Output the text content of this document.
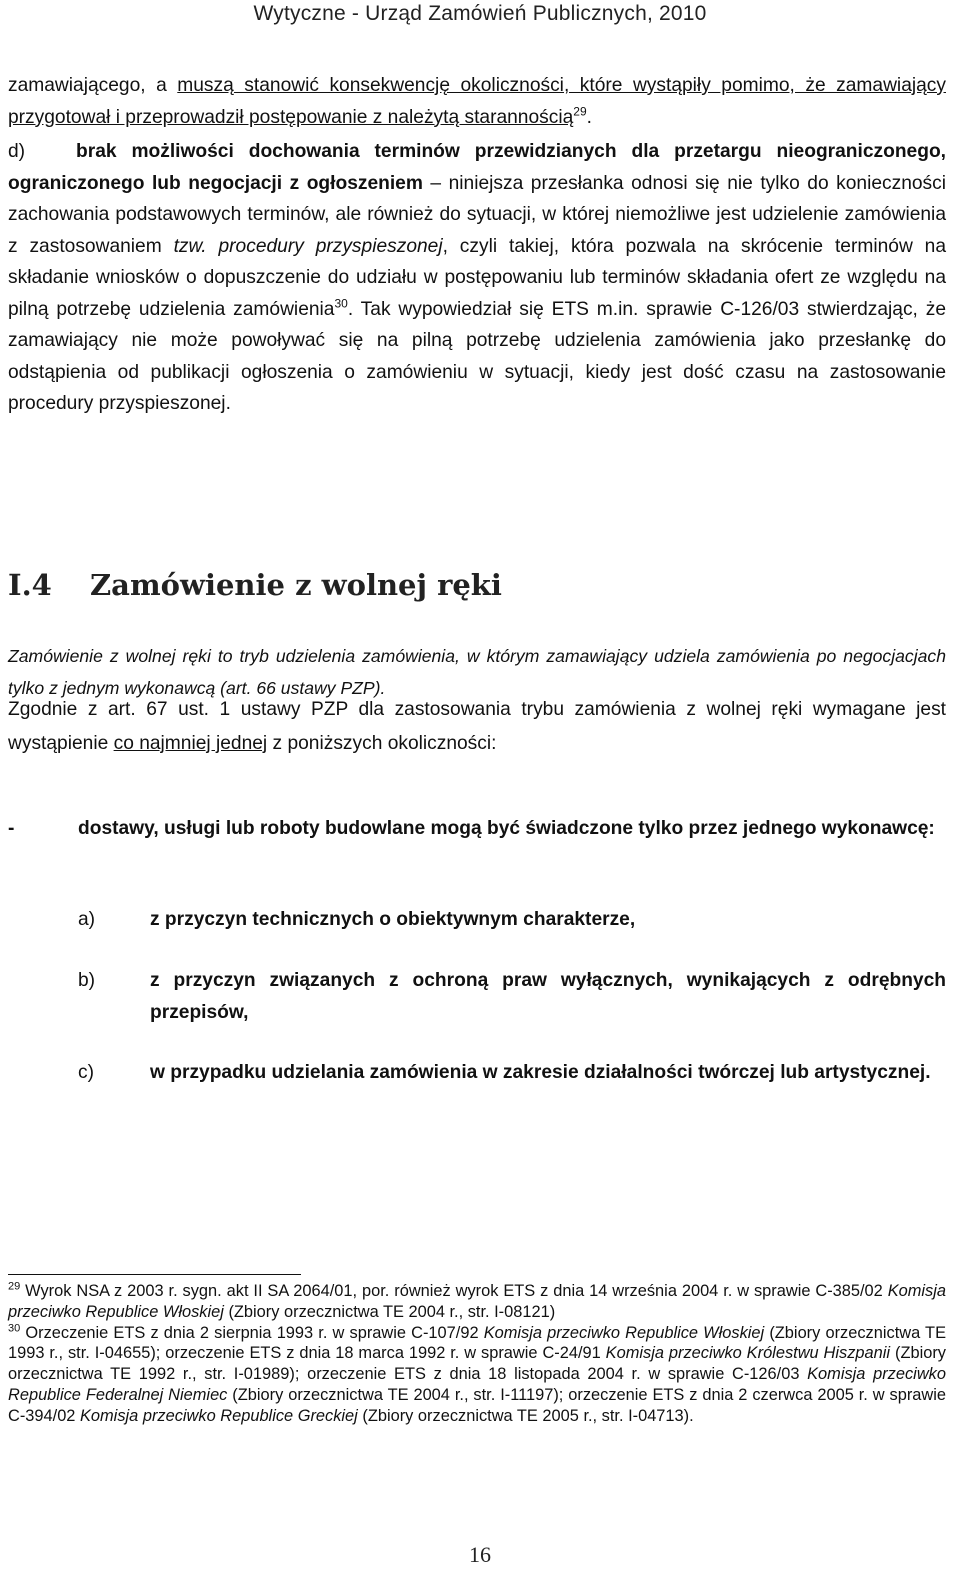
Wytyczne - Urząd Zamówień Publicznych, 2010

zamawiającego, a muszą stanowić konsekwencję okoliczności, które wystąpiły pomimo, że zamawiający przygotował i przeprowadził postępowanie z należytą starannością$^{29}$.

d)	brak możliwości dochowania terminów przewidzianych dla przetargu nieograniczonego, ograniczonego lub negocjacji z ogłoszeniem – niniejsza przesłanka odnosi się nie tylko do konieczności zachowania podstawowych terminów, ale również do sytuacji, w której niemożliwe jest udzielenie zamówienia z zastosowaniem tzw. procedury przyspieszonej, czyli takiej, która pozwala na skrócenie terminów na składanie wniosków o dopuszczenie do udziału w postępowaniu lub terminów składania ofert ze względu na pilną potrzebę udzielenia zamówienia$^{30}$. Tak wypowiedział się ETS m.in. sprawie C-126/03 stwierdzając, że zamawiający nie może powoływać się na pilną potrzebę udzielenia zamówienia jako przesłankę do odstąpienia od publikacji ogłoszenia o zamówieniu w sytuacji, kiedy jest dość czasu na zastosowanie procedury przyspieszonej.

I.4 Zamówienie z wolnej ręki

Zamówienie z wolnej ręki to tryb udzielenia zamówienia, w którym zamawiający udziela zamówienia po negocjacjach tylko z jednym wykonawcą (art. 66 ustawy PZP).

Zgodnie z art. 67 ust. 1 ustawy PZP dla zastosowania trybu zamówienia z wolnej ręki wymagane jest wystąpienie co najmniej jednej z poniższych okoliczności:

-	dostawy, usługi lub roboty budowlane mogą być świadczone tylko przez jednego wykonawcę:
a)	z przyczyn technicznych o obiektywnym charakterze,
b)	z przyczyn związanych z ochroną praw wyłącznych, wynikających z odrębnych przepisów,
c)	w przypadku udzielania zamówienia w zakresie działalności twórczej lub artystycznej.

$^{29}$ Wyrok NSA z 2003 r. sygn. akt II SA 2064/01, por. również wyrok ETS z dnia 14 września 2004 r. w sprawie C-385/02 Komisja przeciwko Republice Włoskiej (Zbiory orzecznictwa TE 2004 r., str. I-08121)

$^{30}$ Orzeczenie ETS z dnia 2 sierpnia 1993 r. w sprawie C-107/92 Komisja przeciwko Republice Włoskiej (Zbiory orzecznictwa TE 1993 r., str. I-04655); orzeczenie ETS z dnia 18 marca 1992 r. w sprawie C-24/91 Komisja przeciwko Królestwu Hiszpanii (Zbiory orzecznictwa TE 1992 r., str. I-01989); orzeczenie ETS z dnia 18 listopada 2004 r. w sprawie C-126/03 Komisja przeciwko Republice Federalnej Niemiec (Zbiory orzecznictwa TE 2004 r., str. I-11197); orzeczenie ETS z dnia 2 czerwca 2005 r. w sprawie C-394/02 Komisja przeciwko Republice Greckiej (Zbiory orzecznictwa TE 2005 r., str. I-04713).

16
